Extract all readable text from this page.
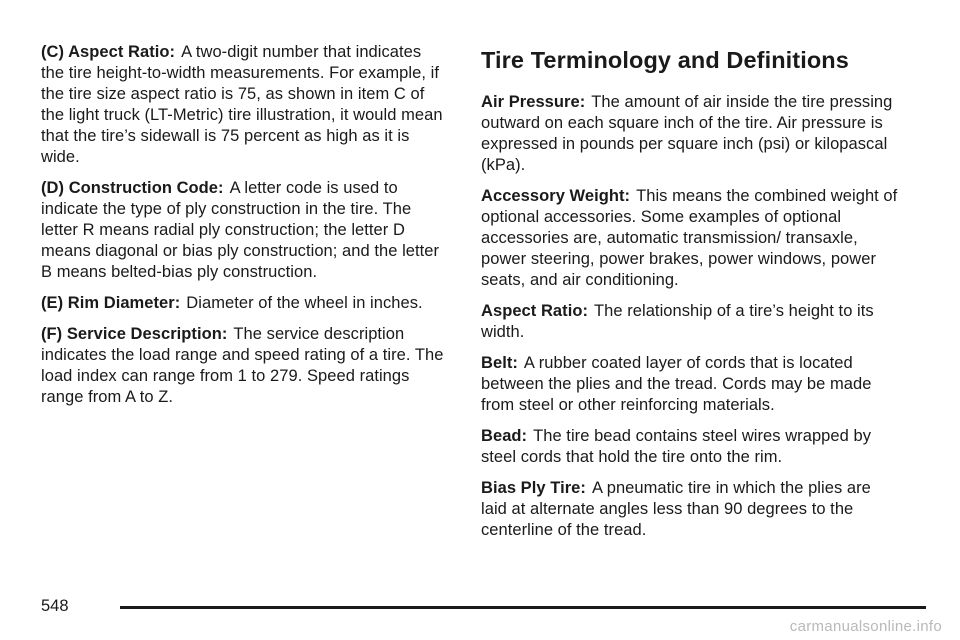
(C) Aspect Ratio: A two-digit number that indicates the tire height-to-width measurements. For example, if the tire size aspect ratio is 75, as shown in item C of the light truck (LT-Metric) tire illustration, it would mean that the tire’s sidewall is 75 percent as high as it is wide.

(D) Construction Code: A letter code is used to indicate the type of ply construction in the tire. The letter R means radial ply construction; the letter D means diagonal or bias ply construction; and the letter B means belted-bias ply construction.

(E) Rim Diameter: Diameter of the wheel in inches.

(F) Service Description: The service description indicates the load range and speed rating of a tire. The load index can range from 1 to 279. Speed ratings range from A to Z.

Tire Terminology and Definitions

Air Pressure: The amount of air inside the tire pressing outward on each square inch of the tire. Air pressure is expressed in pounds per square inch (psi) or kilopascal (kPa).

Accessory Weight: This means the combined weight of optional accessories. Some examples of optional accessories are, automatic transmission/ transaxle, power steering, power brakes, power windows, power seats, and air conditioning.

Aspect Ratio: The relationship of a tire’s height to its width.

Belt: A rubber coated layer of cords that is located between the plies and the tread. Cords may be made from steel or other reinforcing materials.

Bead: The tire bead contains steel wires wrapped by steel cords that hold the tire onto the rim.

Bias Ply Tire: A pneumatic tire in which the plies are laid at alternate angles less than 90 degrees to the centerline of the tread.

548
carmanualsonline.info
